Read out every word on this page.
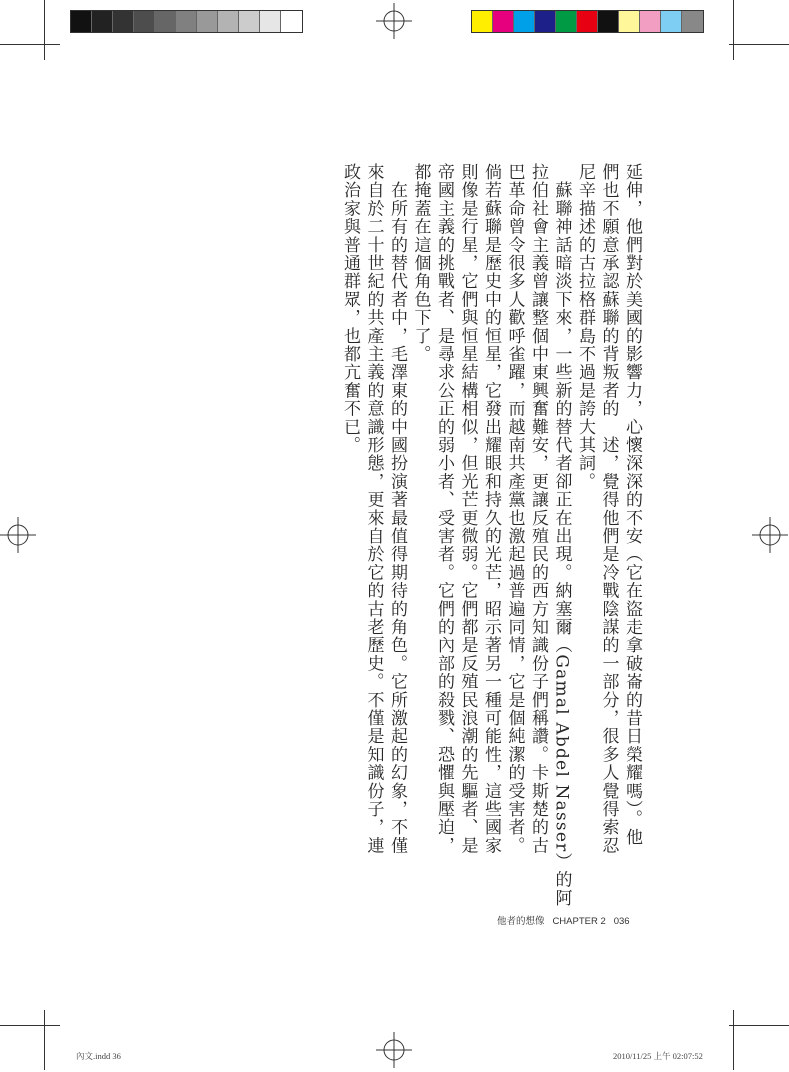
延伸，他們對於美國的影響力，心懷深深的不安（它在盜走拿破崙的昔日榮耀嗎）。他
們也不願意承認蘇聯的背叛者的　述，覺得他們是冷戰陰謀的一部分，很多人覺得索忍
尼辛描述的古拉格群島不過是誇大其詞。
　蘇聯神話暗淡下來，一些新的替代者卻正在出現。納塞爾（Gamal Abdel Nasser）的阿
拉伯社會主義曾讓整個中東興奮難安，更讓反殖民的西方知識份子們稱讚。卡斯楚的古
巴革命曾令很多人歡呼雀躍，而越南共產黨也激起過普遍同情，它是個純潔的受害者。
倘若蘇聯是歷史中的恒星，它發出耀眼和持久的光芒，昭示著另一種可能性，這些國家
則像是行星，它們與恒星結構相似，但光芒更微弱。它們都是反殖民浪潮的先驅者、是
帝國主義的挑戰者、是尋求公正的弱小者、受害者。它們的內部的殺戮、恐懼與壓迫，
都掩蓋在這個角色下了。
　在所有的替代者中，毛澤東的中國扮演著最值得期待的角色。它所激起的幻象，不僅
來自於二十世紀的共產主義的意識形態，更來自於它的古老歷史。不僅是知識份子，連
政治家與普通群眾，也都亢奮不已。
他者的想像 CHAPTER 2 036
內文.indd 36	2010/11/25 上午 02:07:52
